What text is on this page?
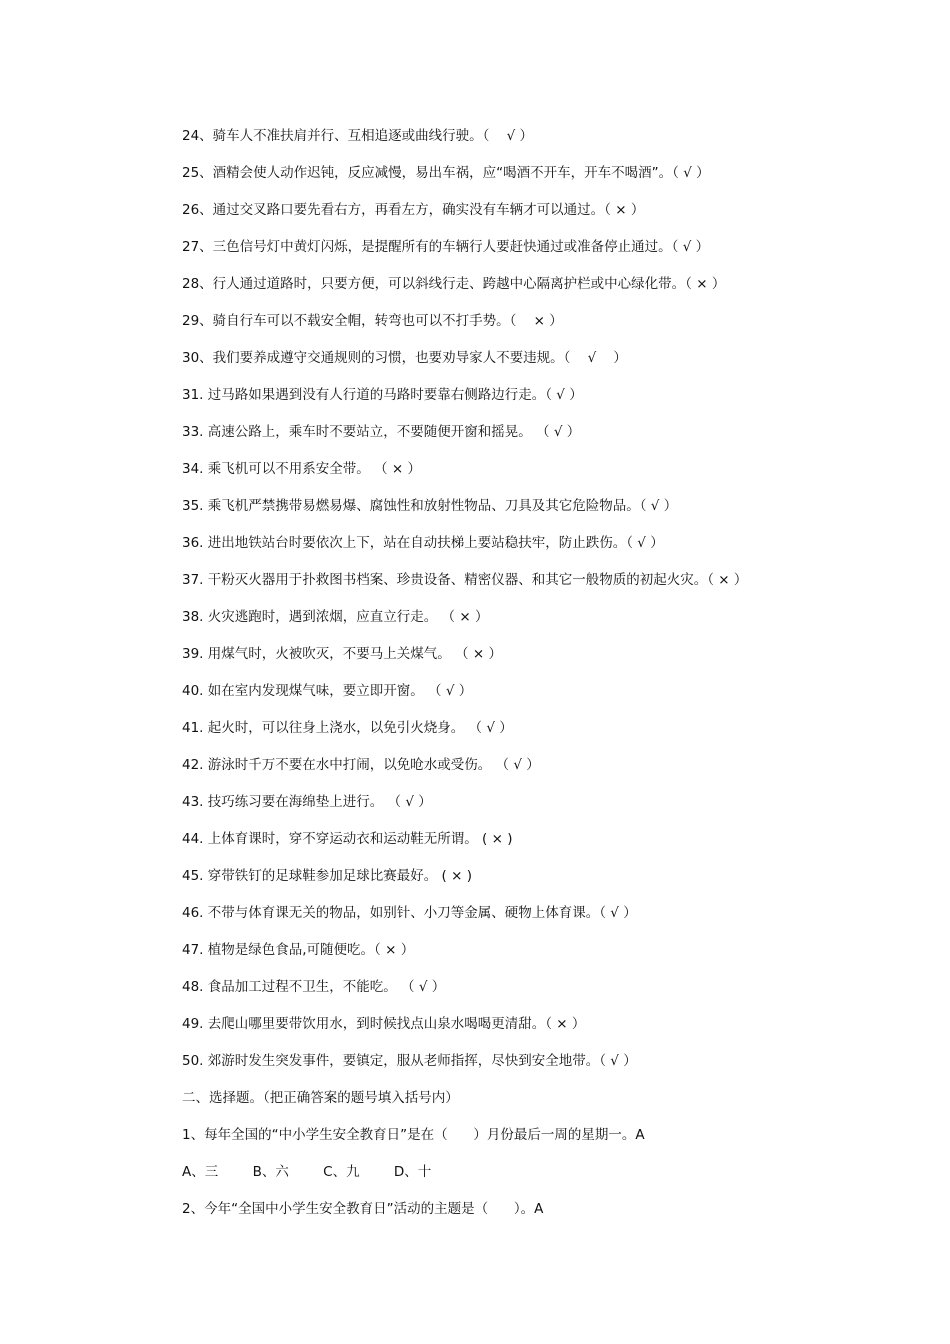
24、骑车人不准扶肩并行、互相追逐或曲线行驶。（    √ ）
25、酒精会使人动作迟钝，反应减慢，易出车祸，应“喝酒不开车，开车不喝酒”。（ √ ）
26、通过交叉路口要先看右方，再看左方，确实没有车辆才可以通过。（ × ）
27、三色信号灯中黄灯闪烁，是提醒所有的车辆行人要赶快通过或准备停止通过。（ √ ）
28、行人通过道路时，只要方便，可以斜线行走、跨越中心隔离护栏或中心绿化带。（ × ）
29、骑自行车可以不载安全帽，转弯也可以不打手势。（    × ）
30、我们要养成遵守交通规则的习惯，也要劝导家人不要违规。（    √    ）
31. 过马路如果遇到没有人行道的马路时要靠右侧路边行走。（ √ ）
33. 高速公路上，乘车时不要站立，不要随便开窗和摇晃。 （ √ ）
34. 乘飞机可以不用系安全带。 （ × ）
35. 乘飞机严禁携带易燃易爆、腐蚀性和放射性物品、刀具及其它危险物品。（ √ ）
36. 进出地铁站台时要依次上下，站在自动扶梯上要站稳扶牢，防止跌伤。（ √ ）
37. 干粉灭火器用于扑救图书档案、珍贵设备、精密仪器、和其它一般物质的初起火灾。（ × ）
38. 火灾逃跑时，遇到浓烟，应直立行走。 （ × ）
39. 用煤气时，火被吹灭，不要马上关煤气。 （ × ）
40. 如在室内发现煤气味，要立即开窗。 （ √ ）
41. 起火时，可以往身上浇水，以免引火烧身。 （ √ ）
42. 游泳时千万不要在水中打闹，以免呛水或受伤。 （ √ ）
43. 技巧练习要在海绵垫上进行。 （ √ ）
44. 上体育课时，穿不穿运动衣和运动鞋无所谓。 ( × )
45. 穿带铁钉的足球鞋参加足球比赛最好。 ( × )
46. 不带与体育课无关的物品，如别针、小刀等金属、硬物上体育课。（ √ ）
47. 植物是绿色食品,可随便吃。（ × ）
48. 食品加工过程不卫生，不能吃。 （ √ ）
49. 去爬山哪里要带饮用水，到时候找点山泉水喝喝更清甜。（ × ）
50. 郊游时发生突发事件，要镇定，服从老师指挥，尽快到安全地带。（ √ ）
二、选择题。（把正确答案的题号填入括号内）
1、每年全国的“中小学生安全教育日”是在（      ）月份最后一周的星期一。A
A、三        B、六        C、九        D、十
2、今年“全国中小学生安全教育日”活动的主题是（      ）。A
